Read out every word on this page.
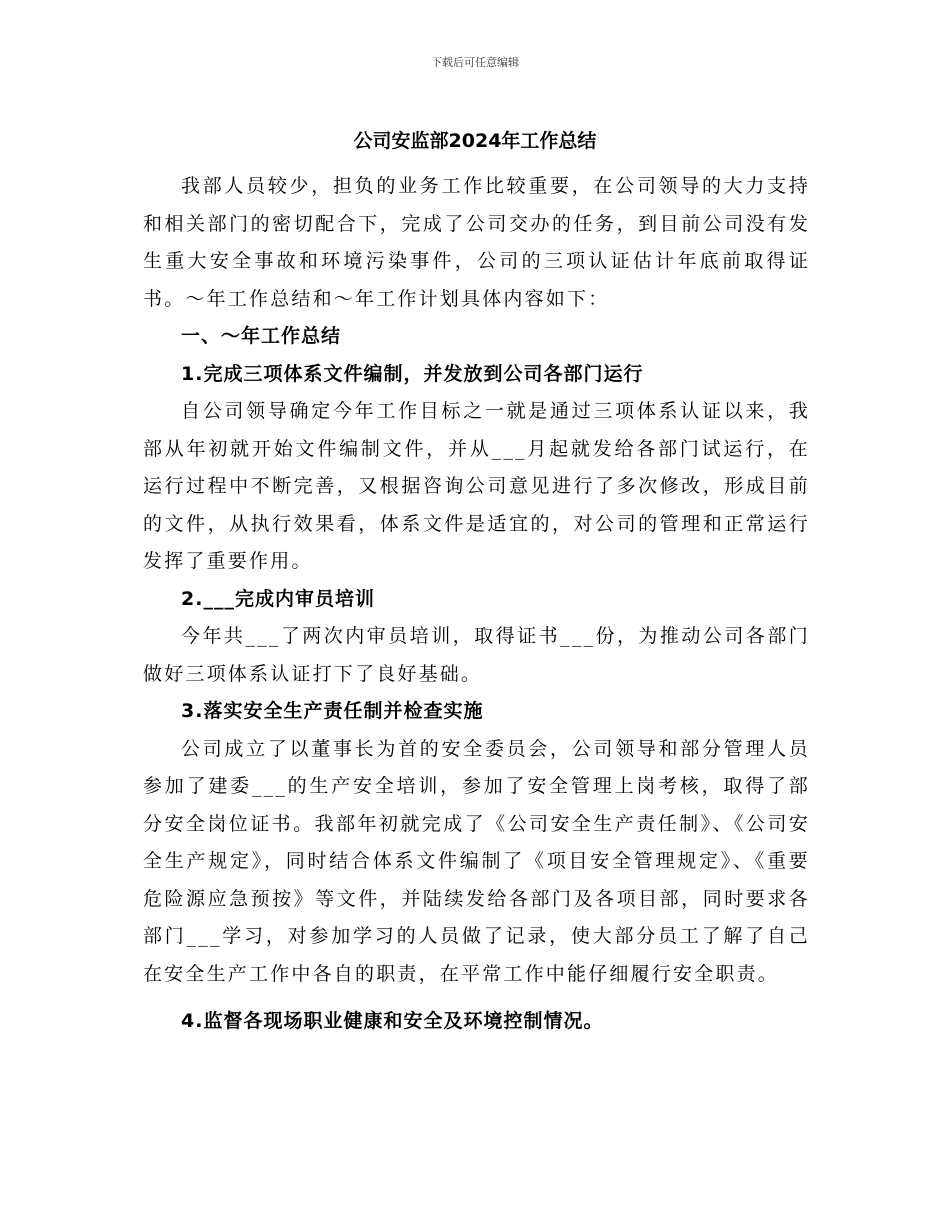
下载后可任意编辑
公司安监部2024年工作总结

我部人员较少，担负的业务工作比较重要，在公司领导的大力支持和相关部门的密切配合下，完成了公司交办的任务，到目前公司没有发生重大安全事故和环境污染事件，公司的三项认证估计年底前取得证书。～年工作总结和～年工作计划具体内容如下：

一、～年工作总结

1.完成三项体系文件编制，并发放到公司各部门运行

自公司领导确定今年工作目标之一就是通过三项体系认证以来，我部从年初就开始文件编制文件，并从___月起就发给各部门试运行，在运行过程中不断完善，又根据咨询公司意见进行了多次修改，形成目前的文件，从执行效果看，体系文件是适宜的，对公司的管理和正常运行发挥了重要作用。

2.___完成内审员培训

今年共___了两次内审员培训，取得证书___份，为推动公司各部门做好三项体系认证打下了良好基础。

3.落实安全生产责任制并检查实施

公司成立了以董事长为首的安全委员会，公司领导和部分管理人员参加了建委___的生产安全培训，参加了安全管理上岗考核，取得了部分安全岗位证书。我部年初就完成了《公司安全生产责任制》、《公司安全生产规定》，同时结合体系文件编制了《项目安全管理规定》、《重要危险源应急预按》等文件，并陆续发给各部门及各项目部，同时要求各部门___学习，对参加学习的人员做了记录，使大部分员工了解了自己在安全生产工作中各自的职责，在平常工作中能仔细履行安全职责。

4.监督各现场职业健康和安全及环境控制情况。
